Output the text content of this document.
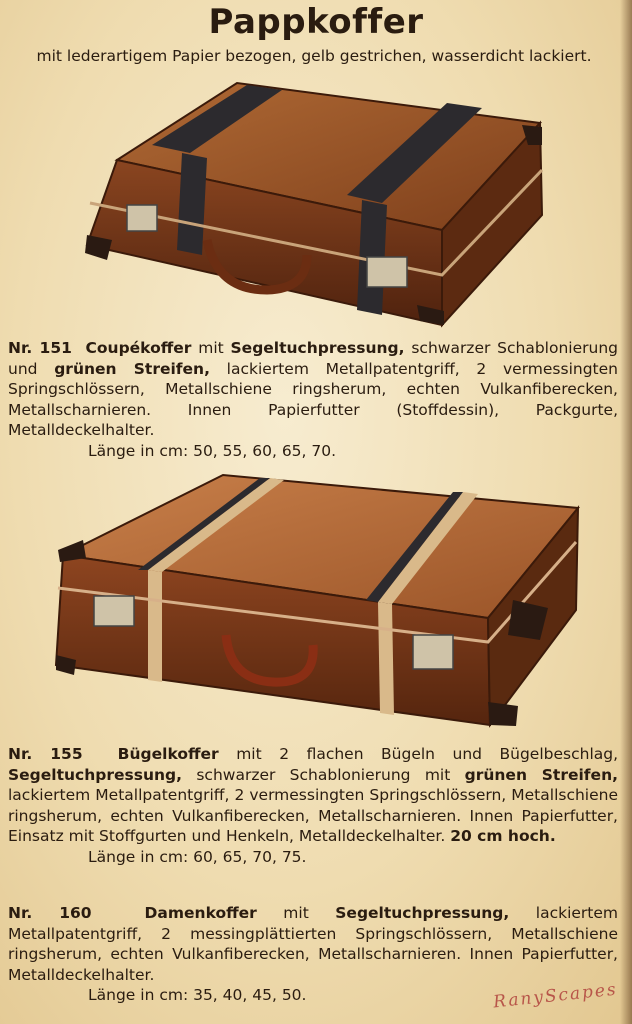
Pappkoffer
mit lederartigem Papier bezogen, gelb gestrichen, wasserdicht lackiert.
Nr. 151 Coupékoffer mit Segeltuchpressung, schwarzer Schablonierung und grünen Streifen, lackiertem Metallpatentgriff, 2 vermessingten Springschlössern, Metallschiene ringsherum, echten Vulkanfiberecken, Metallscharnieren. Innen Papierfutter (Stoffdessin), Packgurte, Metalldeckelhalter.
Länge in cm: 50, 55, 60, 65, 70.
Nr. 155 Bügelkoffer mit 2 flachen Bügeln und Bügelbeschlag, Segeltuchpressung, schwarzer Schablonierung mit grünen Streifen, lackiertem Metallpatentgriff, 2 vermessingten Springschlössern, Metallschiene ringsherum, echten Vulkanfiberecken, Metallscharnieren. Innen Papierfutter, Einsatz mit Stoffgurten und Henkeln, Metalldeckelhalter. 20 cm hoch.
Länge in cm: 60, 65, 70, 75.
Nr. 160	Damenkoffer mit Segeltuchpressung, lackiertem Metallpatentgriff, 2 messingplättierten Springschlössern, Metallschiene ringsherum, echten Vulkanfiberecken, Metallscharnieren. Innen Papierfutter, Metalldeckelhalter.
Länge in cm: 35, 40, 45, 50.	RanyScapes
